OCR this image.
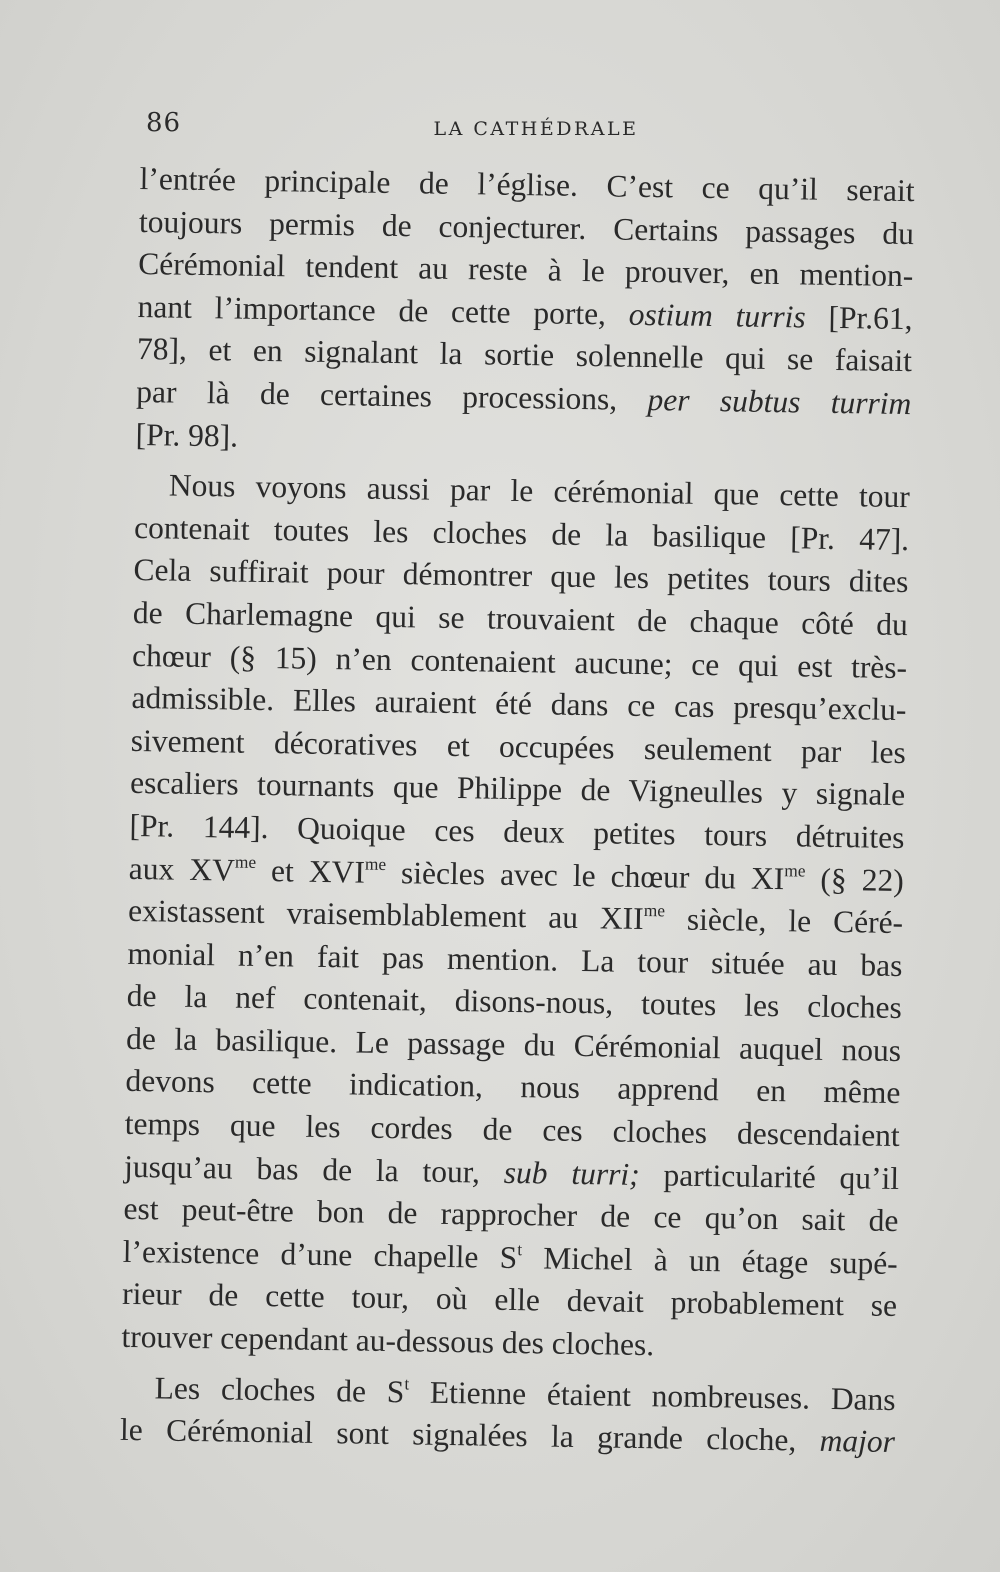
86	LA CATHÉDRALE
l’entrée principale de l’église. C’est ce qu’il serait
toujours permis de conjecturer. Certains passages du
Cérémonial tendent au reste à le prouver, en mention-
nant l’importance de cette porte, ostium turris [Pr.61,
78], et en signalant la sortie solennelle qui se faisait
par là de certaines processions, per subtus turrim
[Pr. 98].
Nous voyons aussi par le cérémonial que cette tour
contenait toutes les cloches de la basilique [Pr. 47].
Cela suffirait pour démontrer que les petites tours dites
de Charlemagne qui se trouvaient de chaque côté du
chœur (§ 15) n’en contenaient aucune; ce qui est très-
admissible. Elles auraient été dans ce cas presqu’exclu-
sivement décoratives et occupées seulement par les
escaliers tournants que Philippe de Vigneulles y signale
[Pr. 144]. Quoique ces deux petites tours détruites
aux $XV^{me}$ et $XVI^{me}$ siècles avec le chœur du $XI^{me}$ (§ 22)
existassent vraisemblablement au $XII^{me}$ siècle, le Céré-
monial n’en fait pas mention. La tour située au bas
de la nef contenait, disons-nous, toutes les cloches
de la basilique. Le passage du Cérémonial auquel nous
devons cette indication, nous apprend en même
temps que les cordes de ces cloches descendaient
jusqu’au bas de la tour, sub turri; particularité qu’il
est peut-être bon de rapprocher de ce qu’on sait de
l’existence d’une chapelle $S^t$ Michel à un étage supé-
rieur de cette tour, où elle devait probablement se
trouver cependant au-dessous des cloches.
Les cloches de $S^t$ Etienne étaient nombreuses. Dans
le Cérémonial sont signalées la grande cloche, major
